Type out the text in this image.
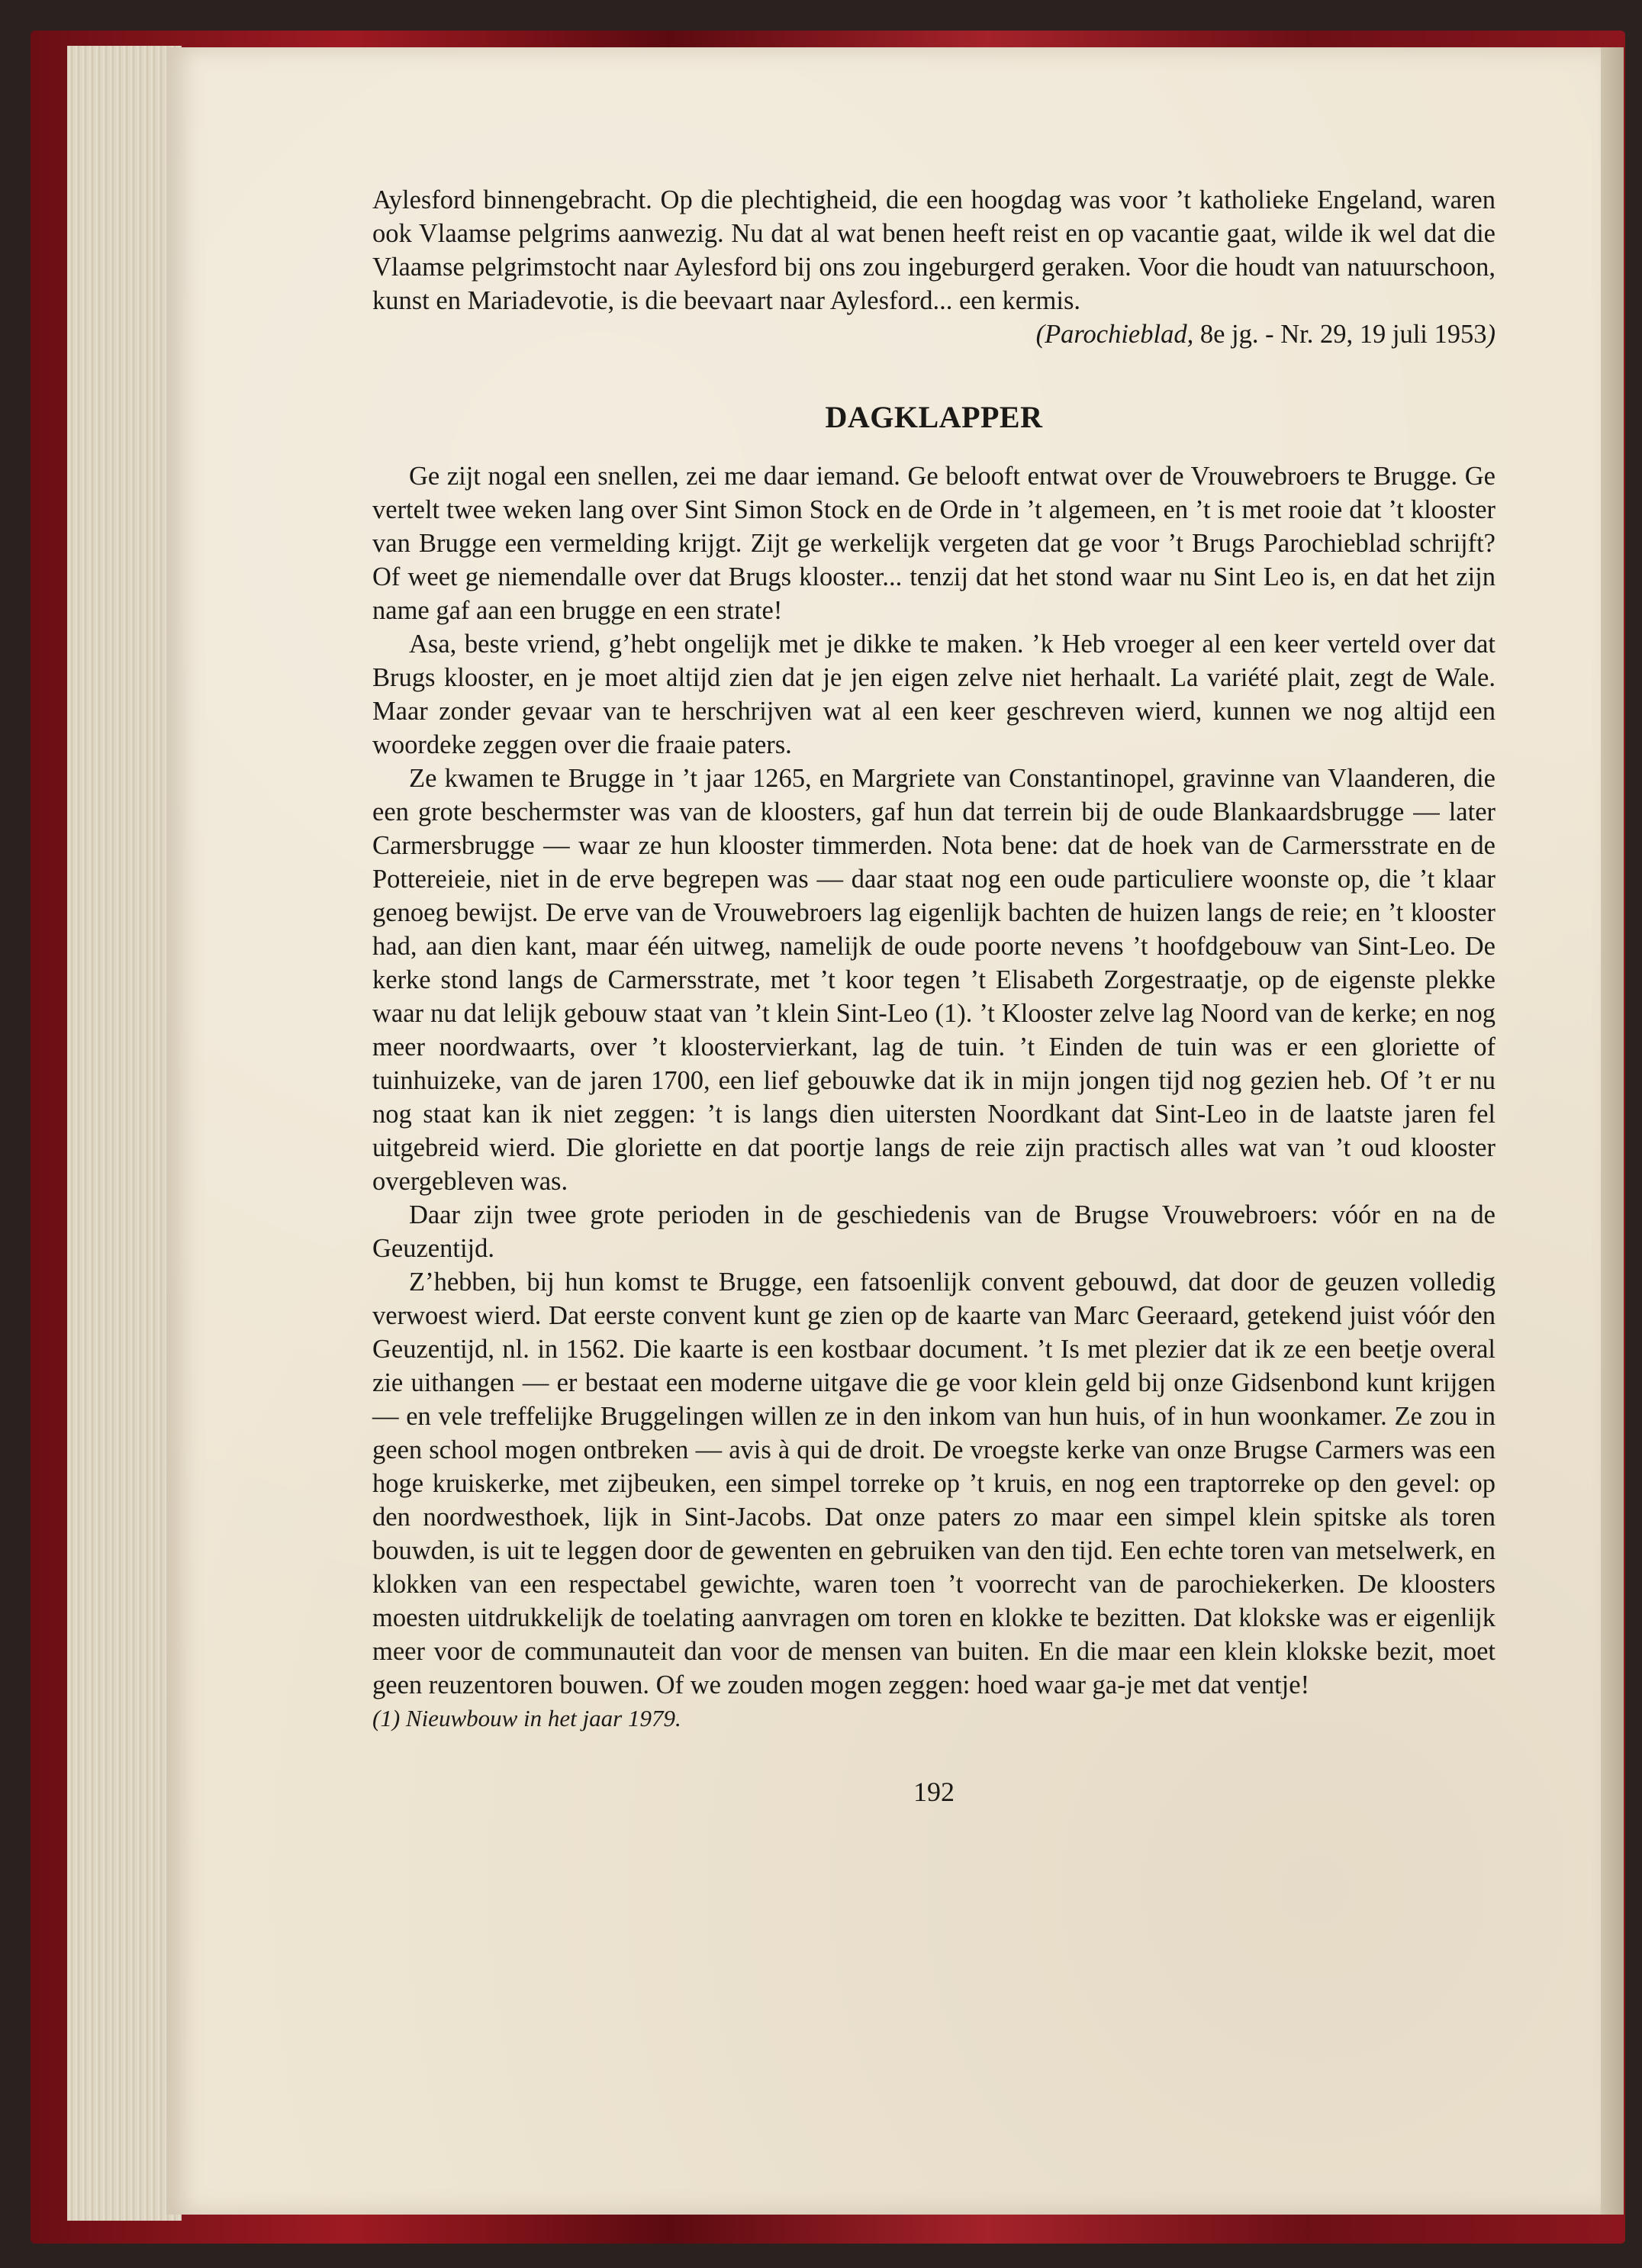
Aylesford binnengebracht. Op die plechtigheid, die een hoogdag was voor ’t katholieke Engeland, waren ook Vlaamse pelgrims aanwezig. Nu dat al wat benen heeft reist en op vacantie gaat, wilde ik wel dat die Vlaamse pelgrimstocht naar Aylesford bij ons zou ingeburgerd geraken. Voor die houdt van natuurschoon, kunst en Mariadevotie, is die beevaart naar Aylesford... een kermis.

(Parochieblad, 8e jg. - Nr. 29, 19 juli 1953)

DAGKLAPPER

Ge zijt nogal een snellen, zei me daar iemand. Ge belooft entwat over de Vrouwebroers te Brugge. Ge vertelt twee weken lang over Sint Simon Stock en de Orde in ’t algemeen, en ’t is met rooie dat ’t klooster van Brugge een vermelding krijgt. Zijt ge werkelijk vergeten dat ge voor ’t Brugs Parochieblad schrijft? Of weet ge niemendalle over dat Brugs klooster... tenzij dat het stond waar nu Sint Leo is, en dat het zijn name gaf aan een brugge en een strate!

Asa, beste vriend, g’hebt ongelijk met je dikke te maken. ’k Heb vroeger al een keer verteld over dat Brugs klooster, en je moet altijd zien dat je jen eigen zelve niet herhaalt. La variété plait, zegt de Wale. Maar zonder gevaar van te herschrijven wat al een keer geschreven wierd, kunnen we nog altijd een woordeke zeggen over die fraaie paters.

Ze kwamen te Brugge in ’t jaar 1265, en Margriete van Constantinopel, gravinne van Vlaanderen, die een grote beschermster was van de kloosters, gaf hun dat terrein bij de oude Blankaardsbrugge — later Carmersbrugge — waar ze hun klooster timmerden. Nota bene: dat de hoek van de Carmersstrate en de Pottereieie, niet in de erve begrepen was — daar staat nog een oude particuliere woonste op, die ’t klaar genoeg bewijst. De erve van de Vrouwebroers lag eigenlijk bachten de huizen langs de reie; en ’t klooster had, aan dien kant, maar één uitweg, namelijk de oude poorte nevens ’t hoofdgebouw van Sint-Leo. De kerke stond langs de Carmersstrate, met ’t koor tegen ’t Elisabeth Zorgestraatje, op de eigenste plekke waar nu dat lelijk gebouw staat van ’t klein Sint-Leo (1). ’t Klooster zelve lag Noord van de kerke; en nog meer noordwaarts, over ’t kloostervierkant, lag de tuin. ’t Einden de tuin was er een gloriette of tuinhuizeke, van de jaren 1700, een lief gebouwke dat ik in mijn jongen tijd nog gezien heb. Of ’t er nu nog staat kan ik niet zeggen: ’t is langs dien uitersten Noordkant dat Sint-Leo in de laatste jaren fel uitgebreid wierd. Die gloriette en dat poortje langs de reie zijn practisch alles wat van ’t oud klooster overgebleven was.

Daar zijn twee grote perioden in de geschiedenis van de Brugse Vrouwebroers: vóór en na de Geuzentijd.

Z’hebben, bij hun komst te Brugge, een fatsoenlijk convent gebouwd, dat door de geuzen volledig verwoest wierd. Dat eerste convent kunt ge zien op de kaarte van Marc Geeraard, getekend juist vóór den Geuzentijd, nl. in 1562. Die kaarte is een kostbaar document. ’t Is met plezier dat ik ze een beetje overal zie uithangen — er bestaat een moderne uitgave die ge voor klein geld bij onze Gidsenbond kunt krijgen — en vele treffelijke Bruggelingen willen ze in den inkom van hun huis, of in hun woonkamer. Ze zou in geen school mogen ontbreken — avis à qui de droit. De vroegste kerke van onze Brugse Carmers was een hoge kruiskerke, met zijbeuken, een simpel torreke op ’t kruis, en nog een traptorreke op den gevel: op den noordwesthoek, lijk in Sint-Jacobs. Dat onze paters zo maar een simpel klein spitske als toren bouwden, is uit te leggen door de gewenten en gebruiken van den tijd. Een echte toren van metselwerk, en klokken van een respectabel gewichte, waren toen ’t voorrecht van de parochiekerken. De kloosters moesten uitdrukkelijk de toelating aanvragen om toren en klokke te bezitten. Dat klokske was er eigenlijk meer voor de communauteit dan voor de mensen van buiten. En die maar een klein klokske bezit, moet geen reuzentoren bouwen. Of we zouden mogen zeggen: hoed waar ga-je met dat ventje!

(1) Nieuwbouw in het jaar 1979.

192
